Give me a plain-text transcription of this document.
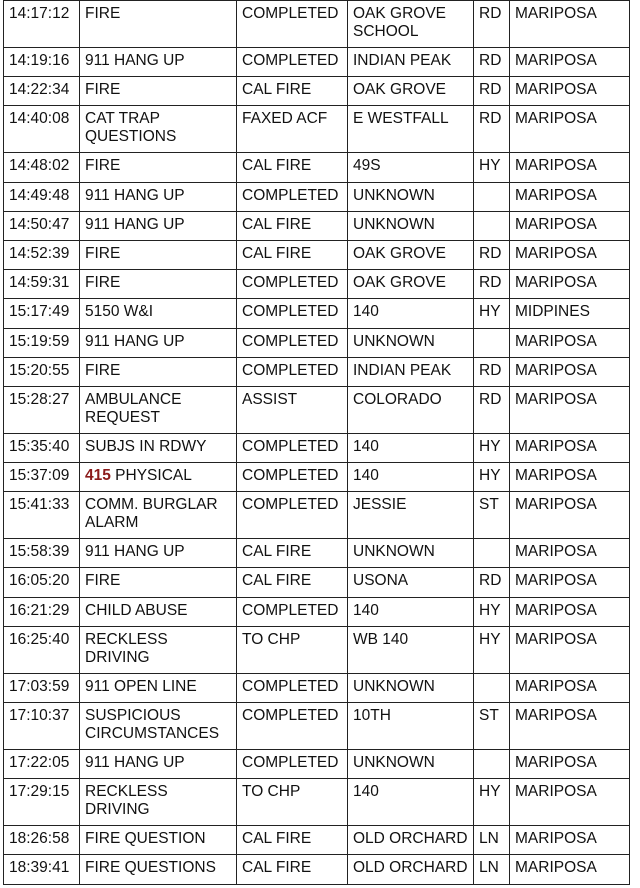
14:17:12	FIRE	COMPLETED	OAK GROVE SCHOOL	RD	MARIPOSA
14:19:16	911 HANG UP	COMPLETED	INDIAN PEAK	RD	MARIPOSA
14:22:34	FIRE	CAL FIRE	OAK GROVE	RD	MARIPOSA
14:40:08	CAT TRAP QUESTIONS	FAXED ACF	E WESTFALL	RD	MARIPOSA
14:48:02	FIRE	CAL FIRE	49S	HY	MARIPOSA
14:49:48	911 HANG UP	COMPLETED	UNKNOWN		MARIPOSA
14:50:47	911 HANG UP	CAL FIRE	UNKNOWN		MARIPOSA
14:52:39	FIRE	CAL FIRE	OAK GROVE	RD	MARIPOSA
14:59:31	FIRE	COMPLETED	OAK GROVE	RD	MARIPOSA
15:17:49	5150 W&I	COMPLETED	140	HY	MIDPINES
15:19:59	911 HANG UP	COMPLETED	UNKNOWN		MARIPOSA
15:20:55	FIRE	COMPLETED	INDIAN PEAK	RD	MARIPOSA
15:28:27	AMBULANCE REQUEST	ASSIST	COLORADO	RD	MARIPOSA
15:35:40	SUBJS IN RDWY	COMPLETED	140	HY	MARIPOSA
15:37:09	415 PHYSICAL	COMPLETED	140	HY	MARIPOSA
15:41:33	COMM. BURGLAR ALARM	COMPLETED	JESSIE	ST	MARIPOSA
15:58:39	911 HANG UP	CAL FIRE	UNKNOWN		MARIPOSA
16:05:20	FIRE	CAL FIRE	USONA	RD	MARIPOSA
16:21:29	CHILD ABUSE	COMPLETED	140	HY	MARIPOSA
16:25:40	RECKLESS DRIVING	TO CHP	WB 140	HY	MARIPOSA
17:03:59	911 OPEN LINE	COMPLETED	UNKNOWN		MARIPOSA
17:10:37	SUSPICIOUS CIRCUMSTANCES	COMPLETED	10TH	ST	MARIPOSA
17:22:05	911 HANG UP	COMPLETED	UNKNOWN		MARIPOSA
17:29:15	RECKLESS DRIVING	TO CHP	140	HY	MARIPOSA
18:26:58	FIRE QUESTION	CAL FIRE	OLD ORCHARD	LN	MARIPOSA
18:39:41	FIRE QUESTIONS	CAL FIRE	OLD ORCHARD	LN	MARIPOSA
